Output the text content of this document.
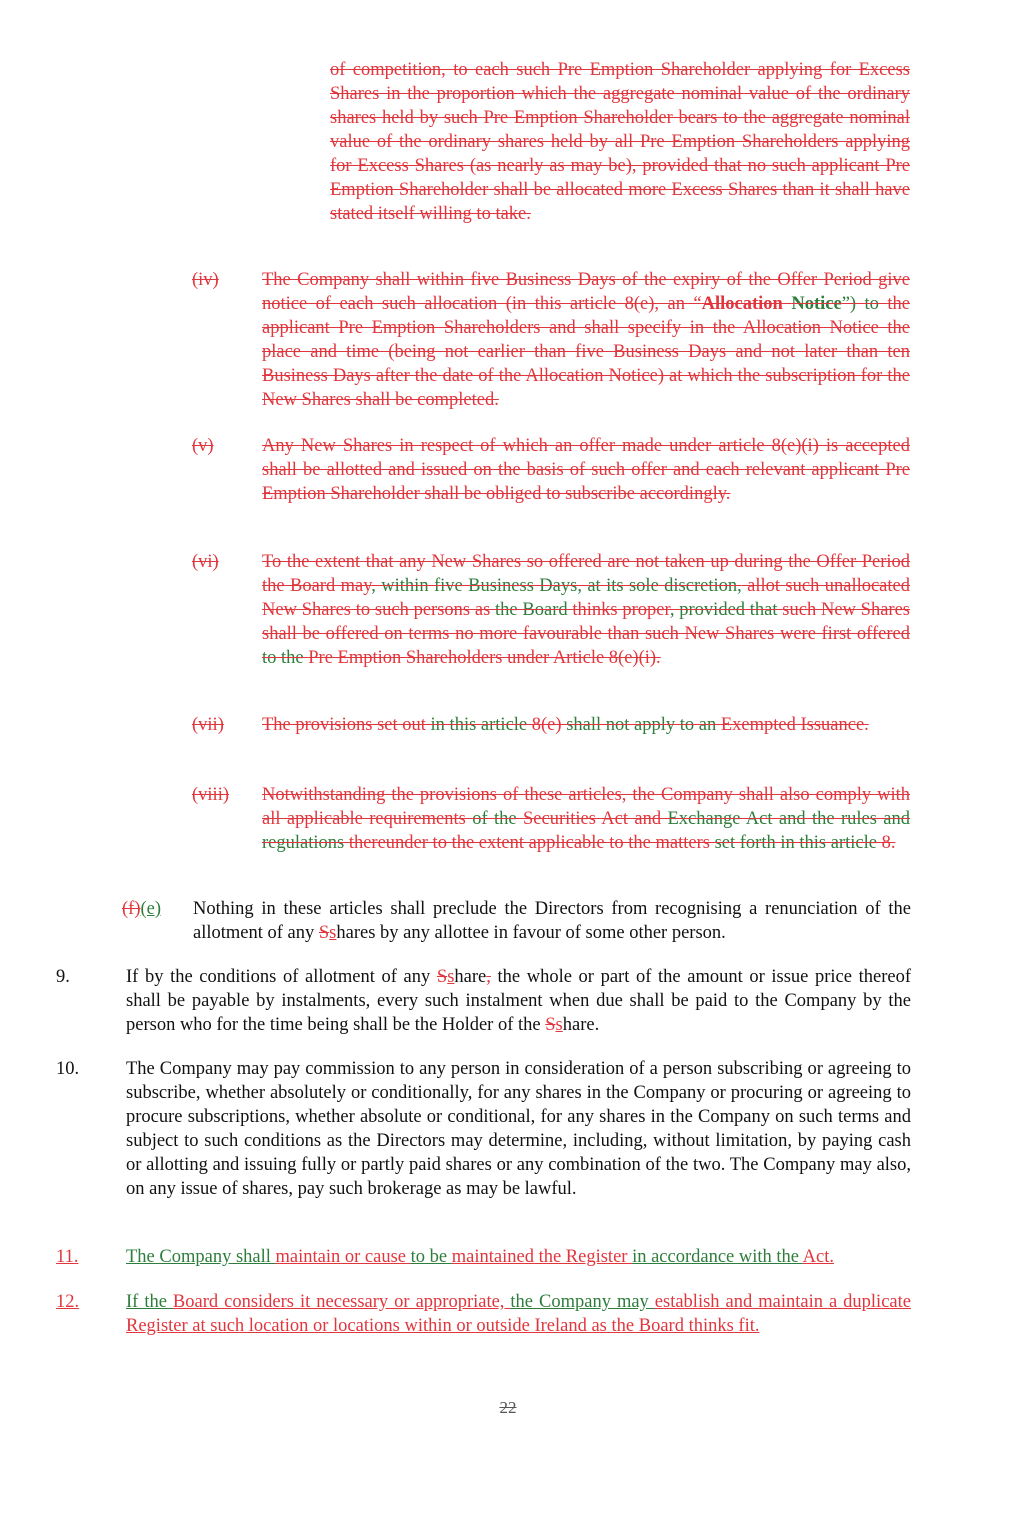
of competition, to each such Pre Emption Shareholder applying for Excess Shares in the proportion which the aggregate nominal value of the ordinary shares held by such Pre Emption Shareholder bears to the aggregate nominal value of the ordinary shares held by all Pre Emption Shareholders applying for Excess Shares (as nearly as may be), provided that no such applicant Pre Emption Shareholder shall be allocated more Excess Shares than it shall have stated itself willing to take.

(iv) The Company shall within five Business Days of the expiry of the Offer Period give notice of each such allocation (in this article 8(e), an “Allocation Notice”) to the applicant Pre Emption Shareholders and shall specify in the Allocation Notice the place and time (being not earlier than five Business Days and not later than ten Business Days after the date of the Allocation Notice) at which the subscription for the New Shares shall be completed.

(v)	Any New Shares in respect of which an offer made under article 8(e)(i) is accepted shall be allotted and issued on the basis of such offer and each relevant applicant Pre Emption Shareholder shall be obliged to subscribe accordingly.

(vi) To the extent that any New Shares so offered are not taken up during the Offer Period the Board may, within five Business Days, at its sole discretion, allot such unallocated New Shares to such persons as the Board thinks proper, provided that such New Shares shall be offered on terms no more favourable than such New Shares were first offered to the Pre Emption Shareholders under Article 8(e)(i).

(vii) The provisions set out in this article 8(e) shall not apply to an Exempted Issuance.

(viii) Notwithstanding the provisions of these articles, the Company shall also comply with all applicable requirements of the Securities Act and Exchange Act and the rules and regulations thereunder to the extent applicable to the matters set forth in this article 8.

(f)(e) Nothing in these articles shall preclude the Directors from recognising a renunciation of the allotment of any Sshares by any allottee in favour of some other person.

9.	If by the conditions of allotment of any Sshare, the whole or part of the amount or issue price thereof shall be payable by instalments, every such instalment when due shall be paid to the Company by the person who for the time being shall be the Holder of the Sshare.

10.	The Company may pay commission to any person in consideration of a person subscribing or agreeing to subscribe, whether absolutely or conditionally, for any shares in the Company or procuring or agreeing to procure subscriptions, whether absolute or conditional, for any shares in the Company on such terms and subject to such conditions as the Directors may determine, including, without limitation, by paying cash or allotting and issuing fully or partly paid shares or any combination of the two. The Company may also, on any issue of shares, pay such brokerage as may be lawful.

11.	The Company shall maintain or cause to be maintained the Register in accordance with the Act.

12.	If the Board considers it necessary or appropriate, the Company may establish and maintain a duplicate Register at such location or locations within or outside Ireland as the Board thinks fit.

22
